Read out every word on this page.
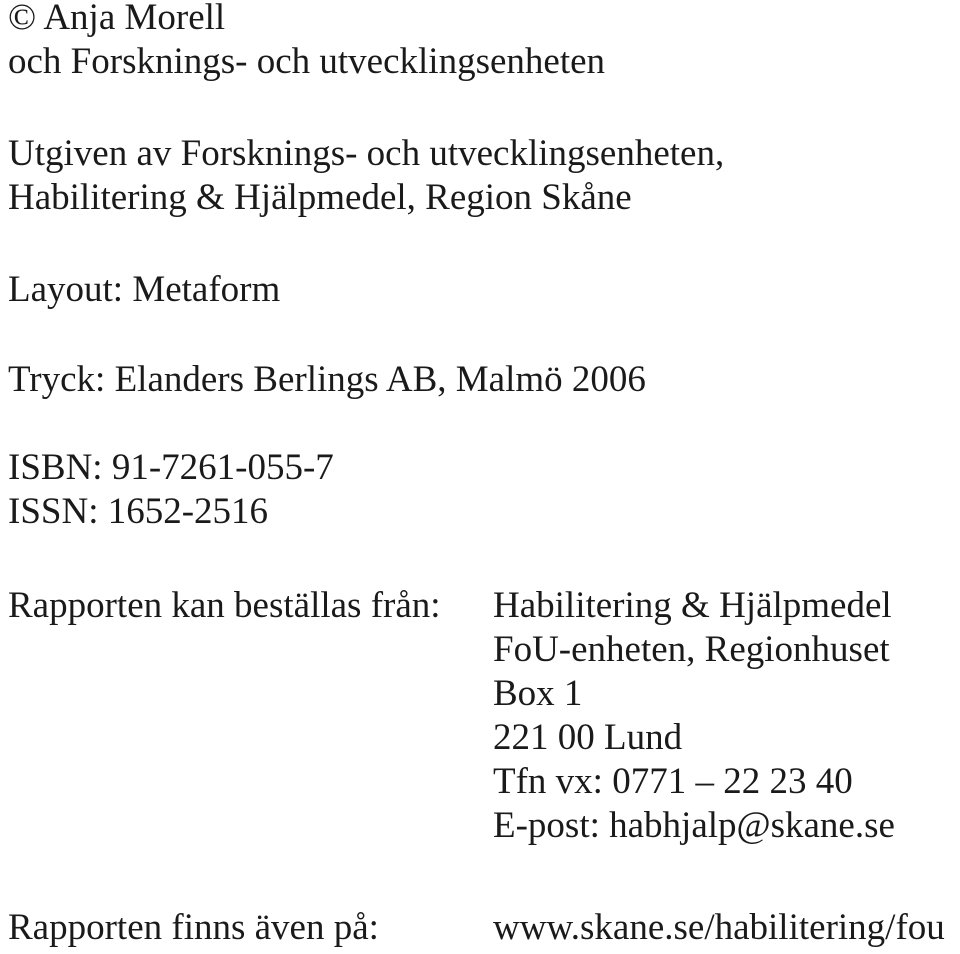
© Anja Morell
och Forsknings- och utvecklingsenheten
Utgiven av Forsknings- och utvecklingsenheten,
Habilitering & Hjälpmedel, Region Skåne
Layout: Metaform
Tryck: Elanders Berlings AB, Malmö 2006
ISBN: 91-7261-055-7
ISSN: 1652-2516
Rapporten kan beställas från: Habilitering & Hjälpmedel
FoU-enheten, Regionhuset
Box 1
221 00 Lund
Tfn vx: 0771 – 22 23 40
E-post: habhjalp@skane.se
Rapporten finns även på:	www.skane.se/habilitering/fou
